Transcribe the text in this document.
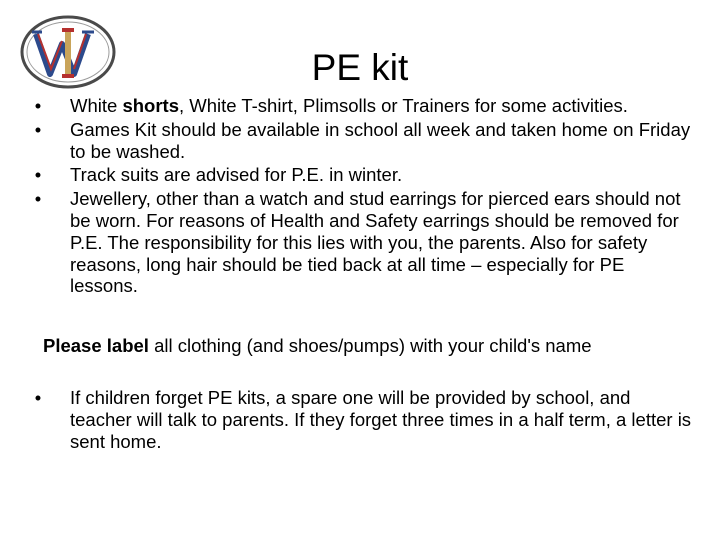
PE kit
• White shorts, White T-shirt, Plimsolls or Trainers for some activities.
• Games Kit should be available in school all week and taken home on Friday to be washed.
• Track suits are advised for P.E. in winter.
• Jewellery, other than a watch and stud earrings for pierced ears should not be worn. For reasons of Health and Safety earrings should be removed for P.E. The responsibility for this lies with you, the parents. Also for safety reasons, long hair should be tied back at all time – especially for PE lessons.
Please label all clothing (and shoes/pumps) with your child's name
• If children forget PE kits, a spare one will be provided by school, and teacher will talk to parents. If they forget three times in a half term, a letter is sent home.
